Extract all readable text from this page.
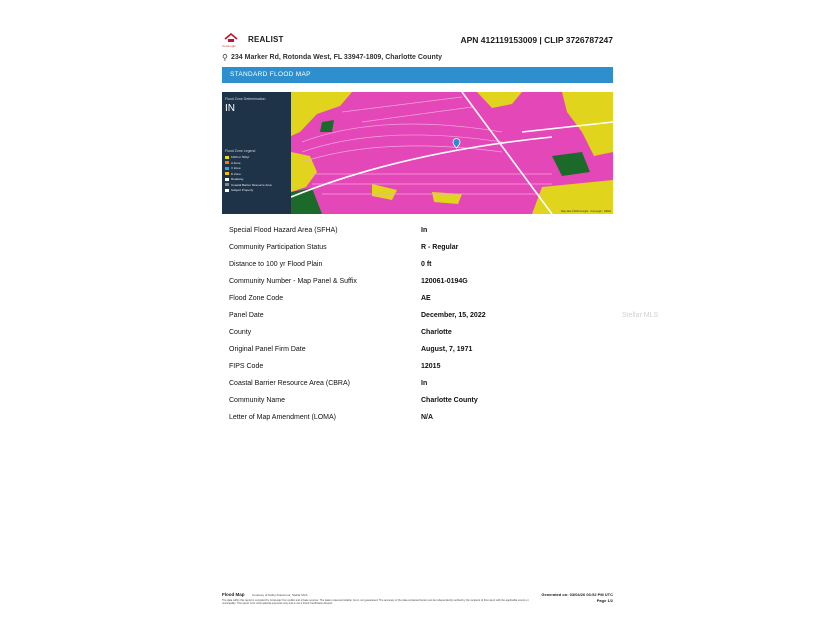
CoreLogic
REALIST	APN 412119153009 | CLIP 3726787247
⚲ 234 Marker Rd, Rotonda West, FL 33947-1809, Charlotte County
STANDARD FLOOD MAP
Flood Zone Determination
IN
Flood Zone Legend
1000 or 500yr
A Zone
V Zone
D Zone
Roadway
Coastal Barrier Resource Area
Subject Property
Map data ©2026 Google · CoreLogic · FEMA
Special Flood Hazard Area (SFHA)	In
Community Participation Status	R - Regular
Distance to 100 yr Flood Plain	0 ft
Community Number - Map Panel & Suffix	120061-0194G
Flood Zone Code	AE
Panel Date	December, 15, 2022
County	Charlotte
Original Panel Firm Date	August, 7, 1971
FIPS Code	12015
Coastal Barrier Resource Area (CBRA)	In
Community Name	Charlotte County
Letter of Map Amendment (LOMA)	N/A
Stellar MLS
Flood Map	Courtesy of Kathy Dunsmoor, Stellar MLS
The data within this report is compiled by CoreLogic from public and private sources. The data is deemed reliable, but is not guaranteed. The accuracy of the data contained herein can be independently verified by the recipient of this report with the applicable county or municipality. This report is for informational purposes only and is not a Flood Certification Report.
Generated on: 03/04/26 03:52 PM UTC
Page 1/2
